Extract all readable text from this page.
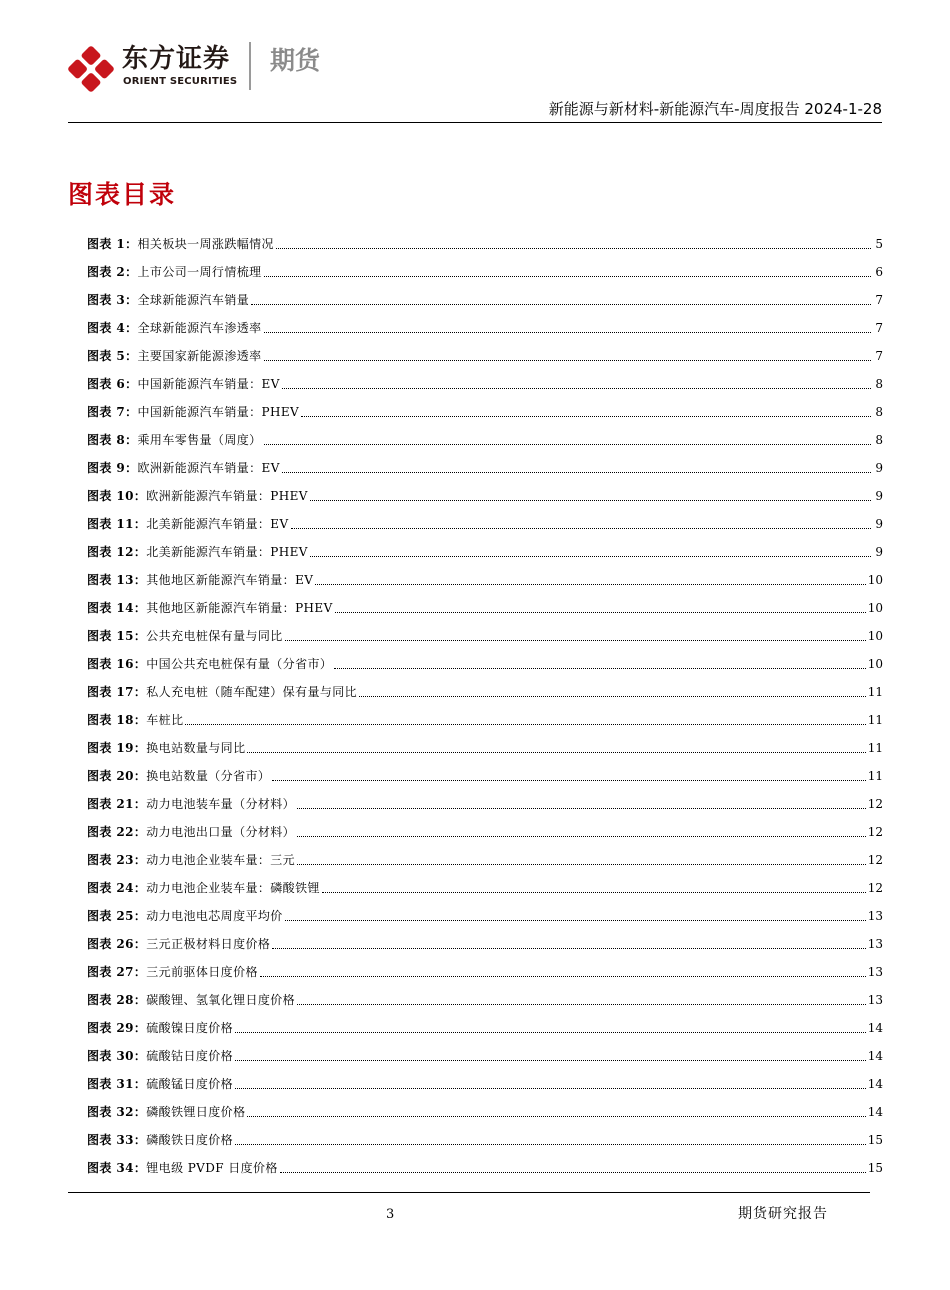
东方证券
ORIENT SECURITIES
期货
新能源与新材料-新能源汽车-周度报告 2024-1-28
图表目录
图表 1： 相关板块一周涨跌幅情况	5
图表 2： 上市公司一周行情梳理	6
图表 3： 全球新能源汽车销量	7
图表 4： 全球新能源汽车渗透率	7
图表 5： 主要国家新能源渗透率	7
图表 6： 中国新能源汽车销量：EV	8
图表 7： 中国新能源汽车销量：PHEV	8
图表 8： 乘用车零售量（周度）	8
图表 9： 欧洲新能源汽车销量：EV	9
图表 10： 欧洲新能源汽车销量：PHEV	9
图表 11： 北美新能源汽车销量：EV	9
图表 12： 北美新能源汽车销量：PHEV	9
图表 13： 其他地区新能源汽车销量：EV	10
图表 14： 其他地区新能源汽车销量：PHEV	10
图表 15： 公共充电桩保有量与同比	10
图表 16： 中国公共充电桩保有量（分省市）	10
图表 17： 私人充电桩（随车配建）保有量与同比	11
图表 18： 车桩比	11
图表 19： 换电站数量与同比	11
图表 20： 换电站数量（分省市）	11
图表 21： 动力电池装车量（分材料）	12
图表 22： 动力电池出口量（分材料）	12
图表 23： 动力电池企业装车量：三元	12
图表 24： 动力电池企业装车量：磷酸铁锂	12
图表 25： 动力电池电芯周度平均价	13
图表 26： 三元正极材料日度价格	13
图表 27： 三元前驱体日度价格	13
图表 28： 碳酸锂、氢氧化锂日度价格	13
图表 29： 硫酸镍日度价格	14
图表 30： 硫酸钴日度价格	14
图表 31： 硫酸锰日度价格	14
图表 32： 磷酸铁锂日度价格	14
图表 33： 磷酸铁日度价格	15
图表 34： 锂电级 PVDF 日度价格	15
3	期货研究报告
